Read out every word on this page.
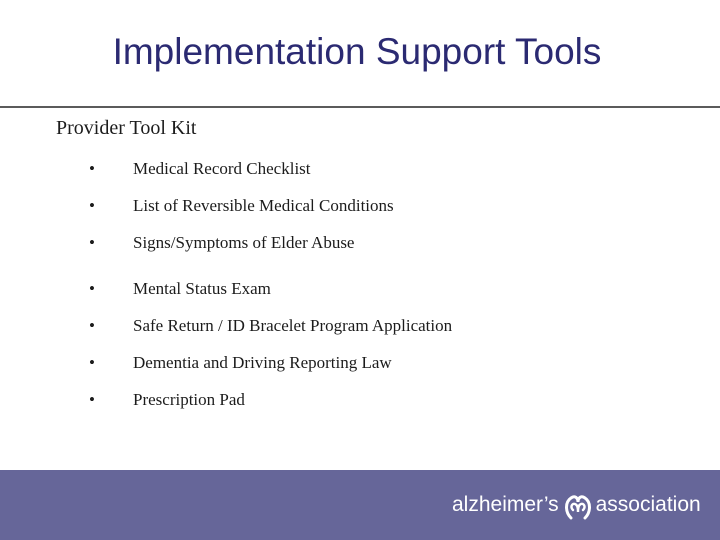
Implementation Support Tools
Provider Tool Kit
• Medical Record Checklist
• List of Reversible Medical Conditions
• Signs/Symptoms of Elder Abuse
• Mental Status Exam
• Safe Return / ID Bracelet Program Application
• Dementia and Driving Reporting Law
• Prescription Pad
alzheimer’s association
